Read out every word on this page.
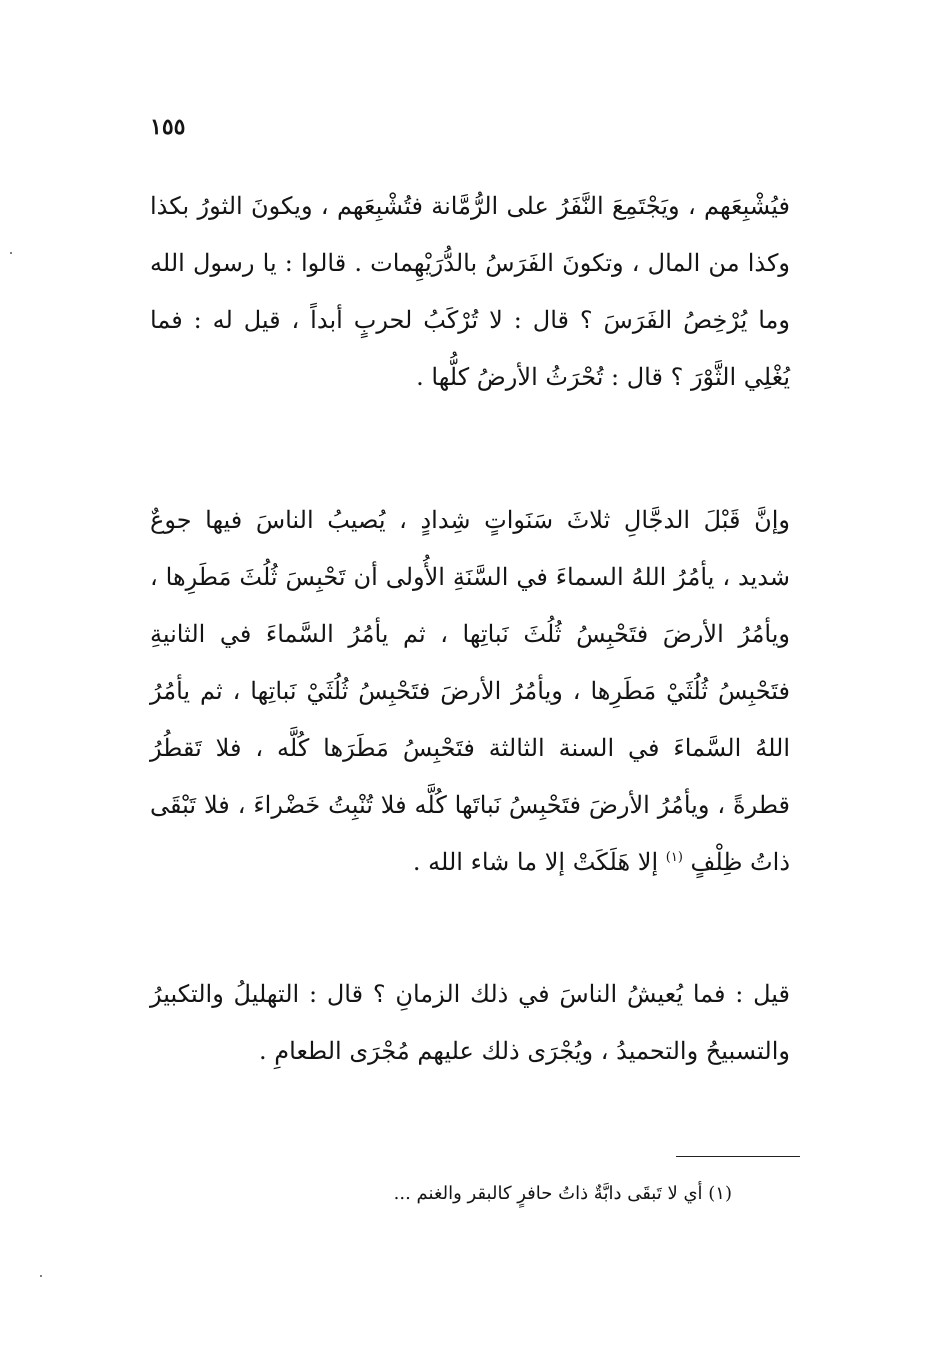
١٥٥

فيُشْبِعَهم ، ويَجْتَمِعَ النَّفَرُ على الرُّمَّانة فتُشْبِعَهم ، ويكونَ الثورُ بكذا وكذا من المال ، وتكونَ الفَرَسُ بالدُّرَيْهِمات . قالوا : يا رسول الله وما يُرْخِصُ الفَرَسَ ؟ قال : لا تُرْكَبُ لحربٍ أبداً ، قيل له : فما يُغْلِي الثَّوْرَ ؟ قال : تُحْرَثُ الأرضُ كلُّها .

وإنَّ قَبْلَ الدجَّالِ ثلاثَ سَنَواتٍ شِدادٍ ، يُصيبُ الناسَ فيها جوعٌ شديد ، يأمُرُ اللهُ السماءَ في السَّنَةِ الأُولى أن تَحْبِسَ ثُلُثَ مَطَرِها ، ويأمُرُ الأرضَ فتَحْبِسُ ثُلُثَ نَباتِها ، ثم يأمُرُ السَّماءَ في الثانيةِ فتَحْبِسُ ثُلُثَيْ مَطَرِها ، ويأمُرُ الأرضَ فتَحْبِسُ ثُلُثَيْ نَباتِها ، ثم يأمُرُ اللهُ السَّماءَ في السنة الثالثة فتَحْبِسُ مَطَرَها كُلَّه ، فلا تَقطُرُ قطرةً ، ويأمُرُ الأرضَ فتَحْبِسُ نَباتَها كُلَّه فلا تُنْبِتُ خَضْراءَ ، فلا تَبْقَى ذاتُ ظِلْفٍ $^{(١)}$ إلا هَلَكَتْ إلا ما شاء الله .

قيل : فما يُعيشُ الناسَ في ذلك الزمانِ ؟ قال : التهليلُ والتكبيرُ والتسبيحُ والتحميدُ ، ويُجْرَى ذلك عليهم مُجْرَى الطعامِ .

(١) أي لا تَبقَى دابَّةٌ ذاتُ حافرٍ كالبقر والغنم ...
